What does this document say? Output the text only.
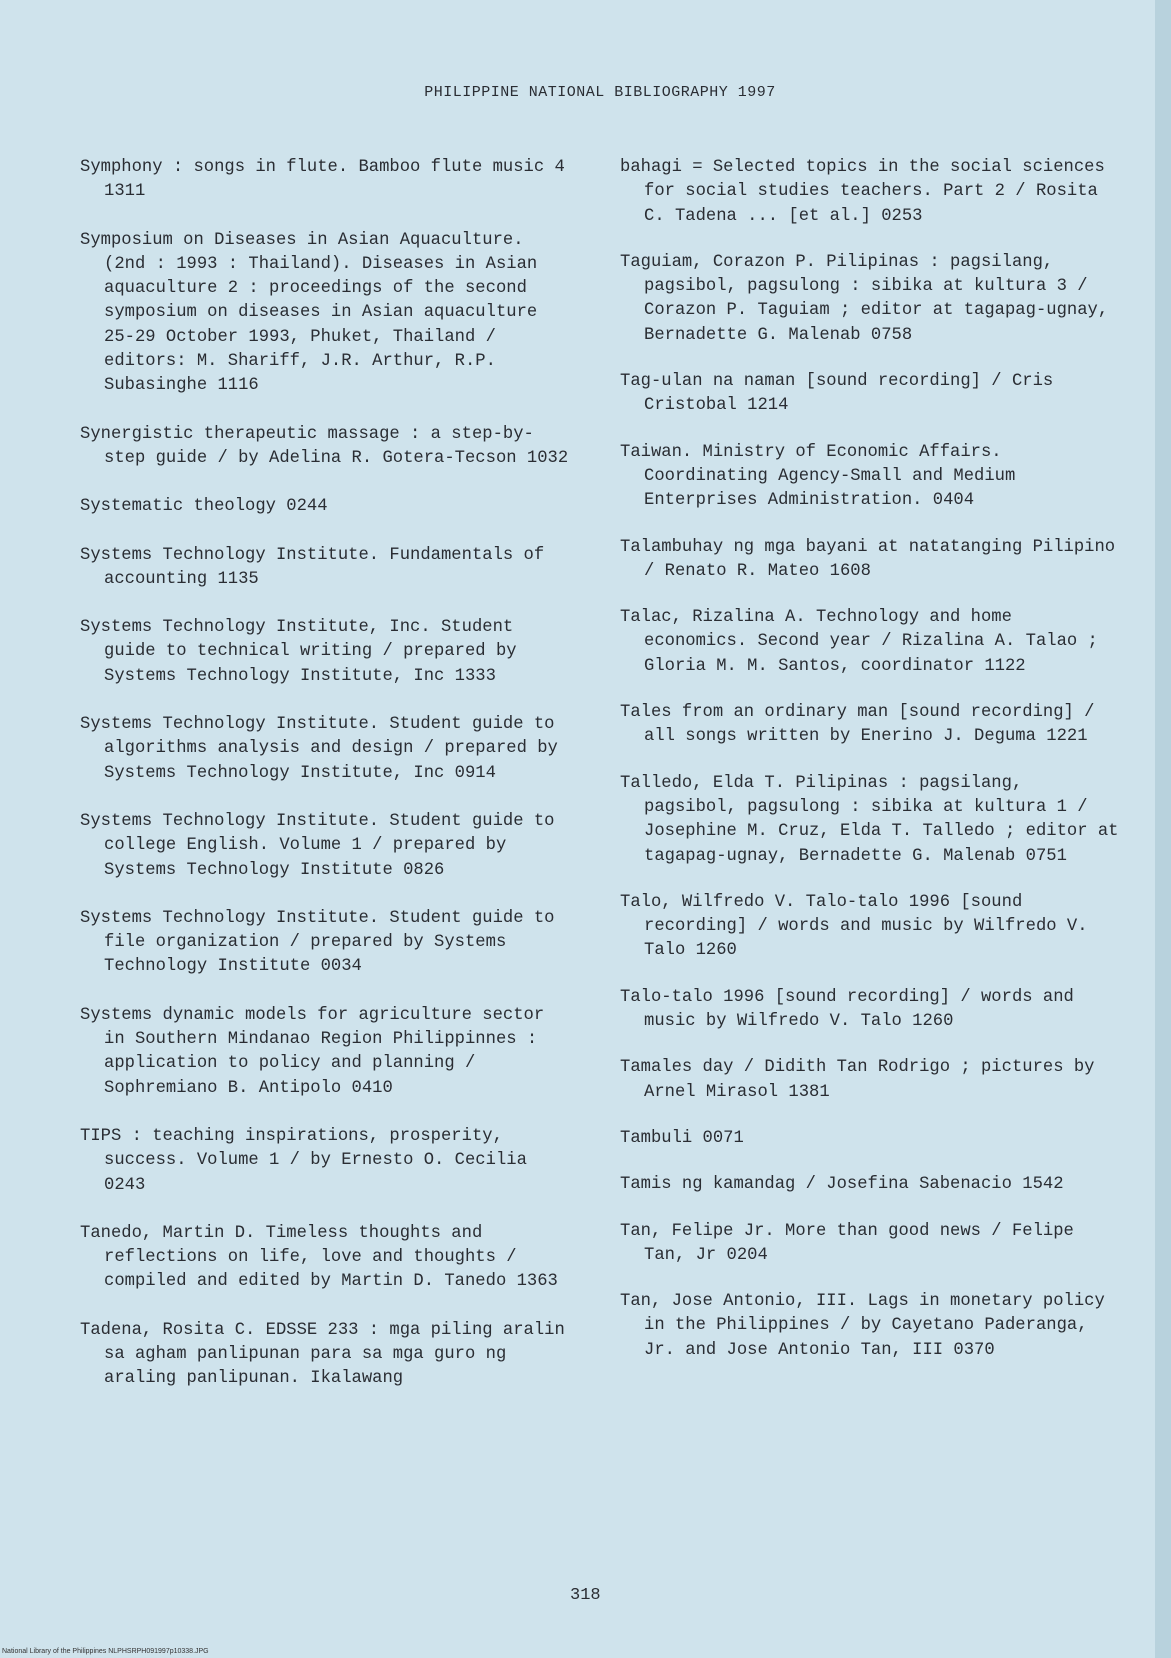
PHILIPPINE NATIONAL BIBLIOGRAPHY 1997

Symphony : songs in flute. Bamboo flute music 4 1311

Symposium on Diseases in Asian Aquaculture. (2nd : 1993 : Thailand). Diseases in Asian aquaculture 2 : proceedings of the second symposium on diseases in Asian aquaculture 25-29 October 1993, Phuket, Thailand / editors: M. Shariff, J.R. Arthur, R.P. Subasinghe 1116

Synergistic therapeutic massage : a step-by-step guide / by Adelina R. Gotera-Tecson 1032

Systematic theology 0244

Systems Technology Institute. Fundamentals of accounting 1135

Systems Technology Institute, Inc. Student guide to technical writing / prepared by Systems Technology Institute, Inc 1333

Systems Technology Institute. Student guide to algorithms analysis and design / prepared by Systems Technology Institute, Inc 0914

Systems Technology Institute. Student guide to college English. Volume 1 / prepared by Systems Technology Institute 0826

Systems Technology Institute. Student guide to file organization / prepared by Systems Technology Institute 0034

Systems dynamic models for agriculture sector in Southern Mindanao Region Philippinnes : application to policy and planning / Sophremiano B. Antipolo 0410

TIPS : teaching inspirations, prosperity, success. Volume 1 / by Ernesto O. Cecilia 0243

Tanedo, Martin D. Timeless thoughts and reflections on life, love and thoughts / compiled and edited by Martin D. Tanedo 1363

Tadena, Rosita C. EDSSE 233 : mga piling aralin sa agham panlipunan para sa mga guro ng araling panlipunan. Ikalawang

bahagi = Selected topics in the social sciences for social studies teachers. Part 2 / Rosita C. Tadena ... [et al.] 0253

Taguiam, Corazon P. Pilipinas : pagsilang, pagsibol, pagsulong : sibika at kultura 3 / Corazon P. Taguiam ; editor at tagapag-ugnay, Bernadette G. Malenab 0758

Tag-ulan na naman [sound recording] / Cris Cristobal 1214

Taiwan. Ministry of Economic Affairs. Coordinating Agency-Small and Medium Enterprises Administration. 0404

Talambuhay ng mga bayani at natatanging Pilipino / Renato R. Mateo 1608

Talac, Rizalina A. Technology and home economics. Second year / Rizalina A. Talao ; Gloria M. M. Santos, coordinator 1122

Tales from an ordinary man [sound recording] / all songs written by Enerino J. Deguma 1221

Talledo, Elda T. Pilipinas : pagsilang, pagsibol, pagsulong : sibika at kultura 1 / Josephine M. Cruz, Elda T. Talledo ; editor at tagapag-ugnay, Bernadette G. Malenab 0751

Talo, Wilfredo V. Talo-talo 1996 [sound recording] / words and music by Wilfredo V. Talo 1260

Talo-talo 1996 [sound recording] / words and music by Wilfredo V. Talo 1260

Tamales day / Didith Tan Rodrigo ; pictures by Arnel Mirasol 1381

Tambuli 0071

Tamis ng kamandag / Josefina Sabenacio 1542

Tan, Felipe Jr. More than good news / Felipe Tan, Jr 0204

Tan, Jose Antonio, III. Lags in monetary policy in the Philippines / by Cayetano Paderanga, Jr. and Jose Antonio Tan, III 0370

318
National Library of the Philippines NLPHSRPH091997p10338.JPG
